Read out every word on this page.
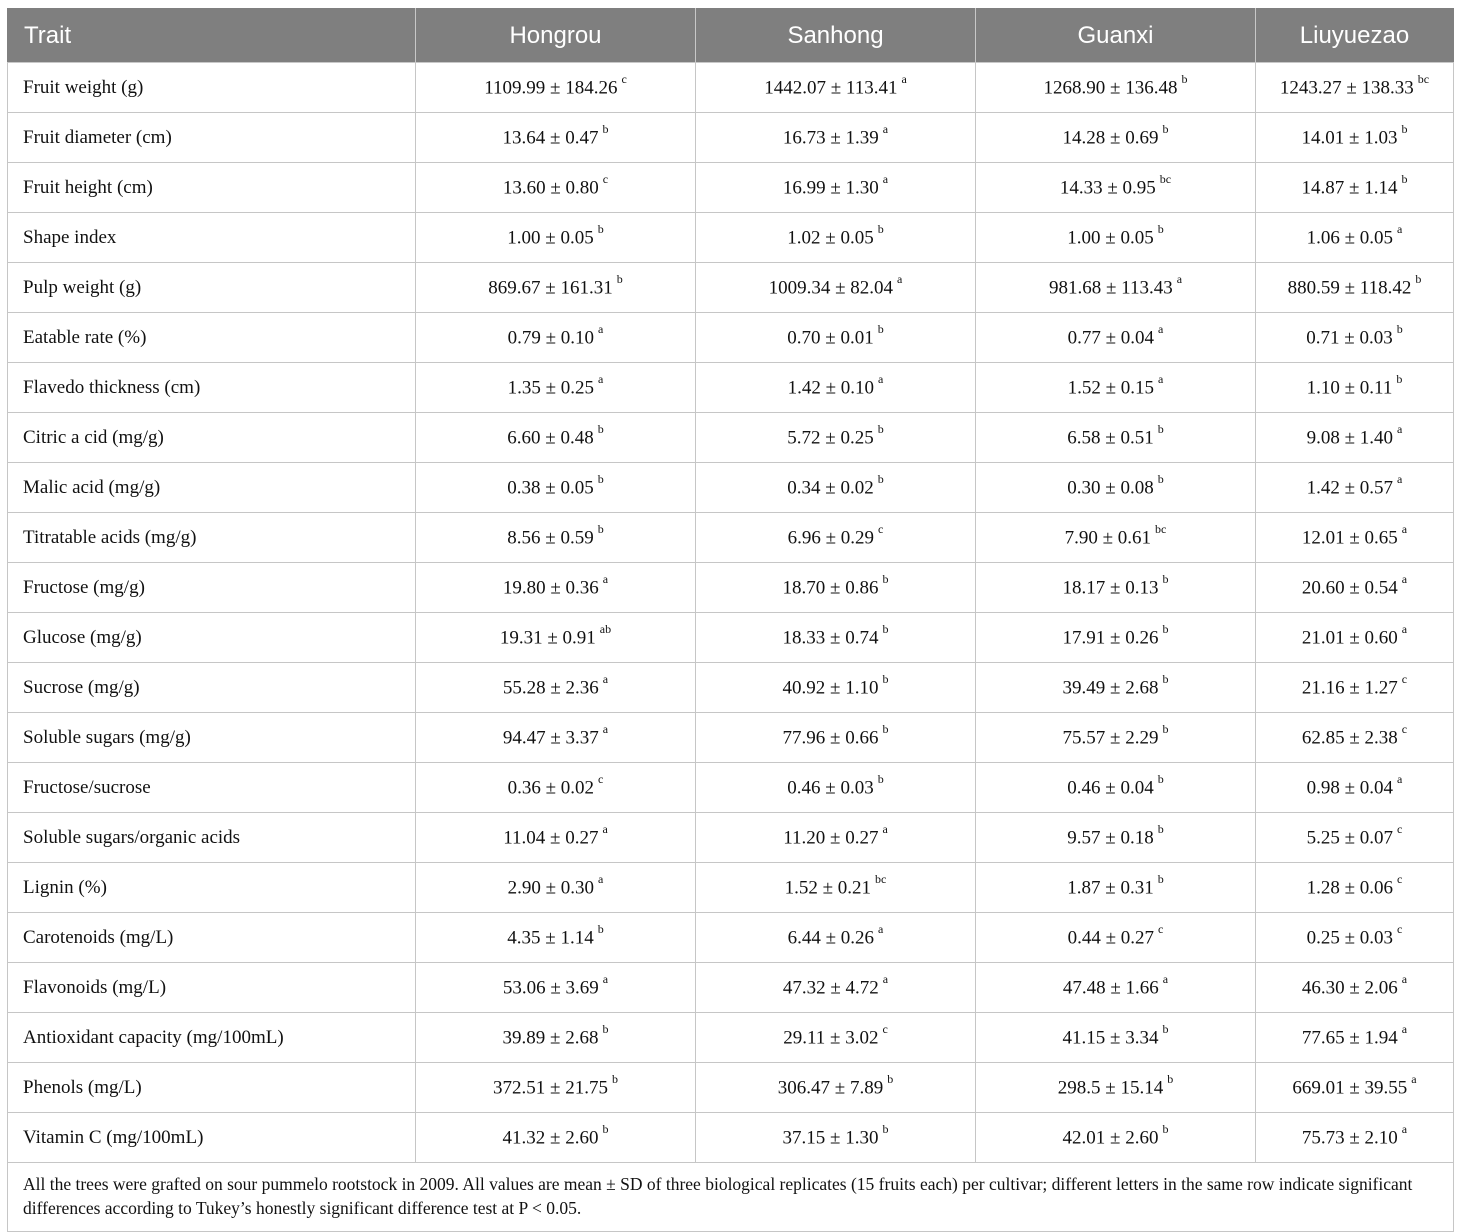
Trait	Hongrou	Sanhong	Guanxi	Liuyuezao
Fruit weight (g)	1109.99 ± 184.26 $^c$	1442.07 ± 113.41 $^a$	1268.90 ± 136.48 $^b$	1243.27 ± 138.33 $^{bc}$
Fruit diameter (cm)	13.64 ± 0.47 $^b$	16.73 ± 1.39 $^a$	14.28 ± 0.69 $^b$	14.01 ± 1.03 $^b$
Fruit height (cm)	13.60 ± 0.80 $^c$	16.99 ± 1.30 $^a$	14.33 ± 0.95 $^{bc}$	14.87 ± 1.14 $^b$
Shape index	1.00 ± 0.05 $^b$	1.02 ± 0.05 $^b$	1.00 ± 0.05 $^b$	1.06 ± 0.05 $^a$
Pulp weight (g)	869.67 ± 161.31 $^b$	1009.34 ± 82.04 $^a$	981.68 ± 113.43 $^a$	880.59 ± 118.42 $^b$
Eatable rate (%)	0.79 ± 0.10 $^a$	0.70 ± 0.01 $^b$	0.77 ± 0.04 $^a$	0.71 ± 0.03 $^b$
Flavedo thickness (cm)	1.35 ± 0.25 $^a$	1.42 ± 0.10 $^a$	1.52 ± 0.15 $^a$	1.10 ± 0.11 $^b$
Citric a cid (mg/g)	6.60 ± 0.48 $^b$	5.72 ± 0.25 $^b$	6.58 ± 0.51 $^b$	9.08 ± 1.40 $^a$
Malic acid (mg/g)	0.38 ± 0.05 $^b$	0.34 ± 0.02 $^b$	0.30 ± 0.08 $^b$	1.42 ± 0.57 $^a$
Titratable acids (mg/g)	8.56 ± 0.59 $^b$	6.96 ± 0.29 $^c$	7.90 ± 0.61 $^{bc}$	12.01 ± 0.65 $^a$
Fructose (mg/g)	19.80 ± 0.36 $^a$	18.70 ± 0.86 $^b$	18.17 ± 0.13 $^b$	20.60 ± 0.54 $^a$
Glucose (mg/g)	19.31 ± 0.91 $^{ab}$	18.33 ± 0.74 $^b$	17.91 ± 0.26 $^b$	21.01 ± 0.60 $^a$
Sucrose (mg/g)	55.28 ± 2.36 $^a$	40.92 ± 1.10 $^b$	39.49 ± 2.68 $^b$	21.16 ± 1.27 $^c$
Soluble sugars (mg/g)	94.47 ± 3.37 $^a$	77.96 ± 0.66 $^b$	75.57 ± 2.29 $^b$	62.85 ± 2.38 $^c$
Fructose/sucrose	0.36 ± 0.02 $^c$	0.46 ± 0.03 $^b$	0.46 ± 0.04 $^b$	0.98 ± 0.04 $^a$
Soluble sugars/organic acids	11.04 ± 0.27 $^a$	11.20 ± 0.27 $^a$	9.57 ± 0.18 $^b$	5.25 ± 0.07 $^c$
Lignin (%)	2.90 ± 0.30 $^a$	1.52 ± 0.21 $^{bc}$	1.87 ± 0.31 $^b$	1.28 ± 0.06 $^c$
Carotenoids (mg/L)	4.35 ± 1.14 $^b$	6.44 ± 0.26 $^a$	0.44 ± 0.27 $^c$	0.25 ± 0.03 $^c$
Flavonoids (mg/L)	53.06 ± 3.69 $^a$	47.32 ± 4.72 $^a$	47.48 ± 1.66 $^a$	46.30 ± 2.06 $^a$
Antioxidant capacity (mg/100mL)	39.89 ± 2.68 $^b$	29.11 ± 3.02 $^c$	41.15 ± 3.34 $^b$	77.65 ± 1.94 $^a$
Phenols (mg/L)	372.51 ± 21.75 $^b$	306.47 ± 7.89 $^b$	298.5 ± 15.14 $^b$	669.01 ± 39.55 $^a$
Vitamin C (mg/100mL)	41.32 ± 2.60 $^b$	37.15 ± 1.30 $^b$	42.01 ± 2.60 $^b$	75.73 ± 2.10 $^a$
All the trees were grafted on sour pummelo rootstock in 2009. All values are mean ± SD of three biological replicates (15 fruits each) per cultivar; different letters in the same row indicate significant differences according to Tukey’s honestly significant difference test at P < 0.05.				
